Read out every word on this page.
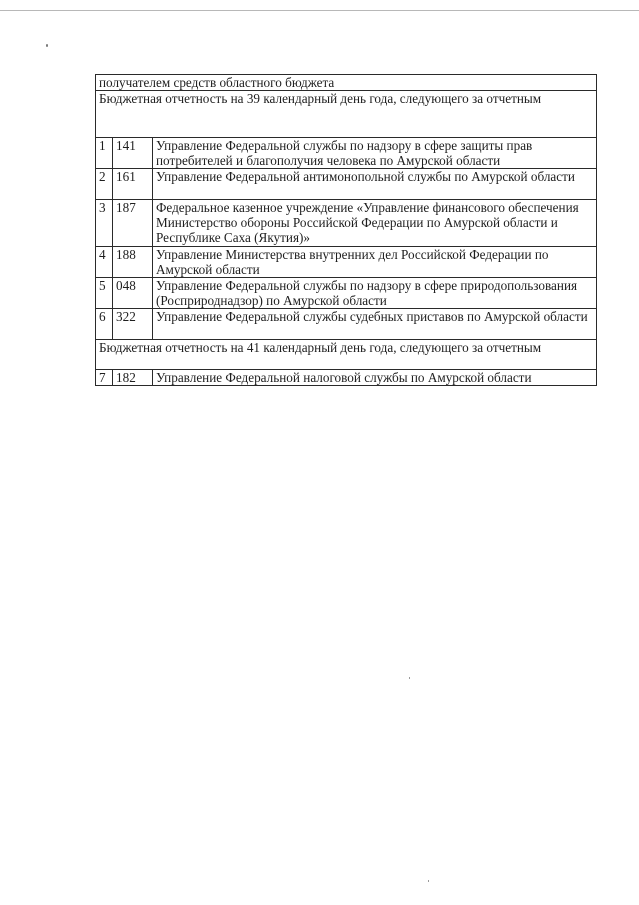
получателем средств областного бюджета		
Бюджетная отчетность на 39 календарный день года, следующего за отчетным		
1	141	Управление Федеральной службы по надзору в сфере защиты прав потребителей и благополучия человека по Амурской области
2	161	Управление Федеральной антимонопольной службы по Амурской области
3	187	Федеральное казенное учреждение «Управление финансового обеспечения Министерство обороны Российской Федерации по Амурской области и Республике Саха (Якутия)»
4	188	Управление Министерства внутренних дел Российской Федерации по Амурской области
5	048	Управление Федеральной службы по надзору в сфере природопользования (Росприроднадзор) по Амурской области
6	322	Управление Федеральной службы судебных приставов по Амурской области
Бюджетная отчетность на 41 календарный день года, следующего за отчетным		
7	182	Управление Федеральной налоговой службы по Амурской области
